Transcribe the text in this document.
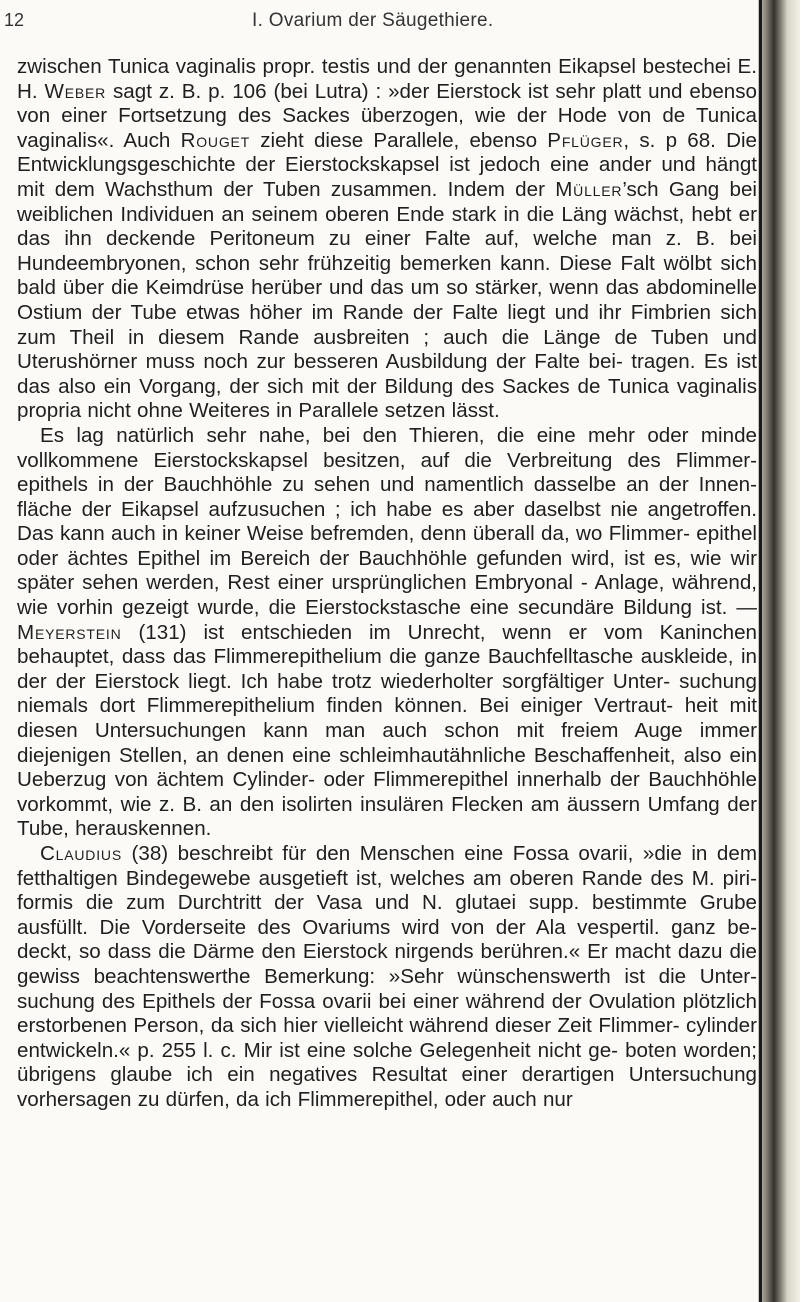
12	I. Ovarium der Säugethiere.

zwischen Tunica vaginalis propr. testis und der genannten Eikapsel bestechei E. H. Weber sagt z. B. p. 106 (bei Lutra) : »der Eierstock ist sehr platt und ebenso von einer Fortsetzung des Sackes überzogen, wie der Hode von de Tunica vaginalis«. Auch Rouget zieht diese Parallele, ebenso Pflüger, s. p 68. Die Entwicklungsgeschichte der Eierstockskapsel ist jedoch eine ander und hängt mit dem Wachsthum der Tuben zusammen. Indem der Müller’sch Gang bei weiblichen Individuen an seinem oberen Ende stark in die Läng wächst, hebt er das ihn deckende Peritoneum zu einer Falte auf, welche man z. B. bei Hundeembryonen, schon sehr frühzeitig bemerken kann. Diese Falt wölbt sich bald über die Keimdrüse herüber und das um so stärker, wenn das abdominelle Ostium der Tube etwas höher im Rande der Falte liegt und ihr Fimbrien sich zum Theil in diesem Rande ausbreiten ; auch die Länge de Tuben und Uterushörner muss noch zur besseren Ausbildung der Falte bei- tragen. Es ist das also ein Vorgang, der sich mit der Bildung des Sackes de Tunica vaginalis propria nicht ohne Weiteres in Parallele setzen lässt.

Es lag natürlich sehr nahe, bei den Thieren, die eine mehr oder minde vollkommene Eierstockskapsel besitzen, auf die Verbreitung des Flimmer- epithels in der Bauchhöhle zu sehen und namentlich dasselbe an der Innen- fläche der Eikapsel aufzusuchen ; ich habe es aber daselbst nie angetroffen. Das kann auch in keiner Weise befremden, denn überall da, wo Flimmer- epithel oder ächtes Epithel im Bereich der Bauchhöhle gefunden wird, ist es, wie wir später sehen werden, Rest einer ursprünglichen Embryonal - Anlage, während, wie vorhin gezeigt wurde, die Eierstockstasche eine secundäre Bildung ist. — Meyerstein (131) ist entschieden im Unrecht, wenn er vom Kaninchen behauptet, dass das Flimmerepithelium die ganze Bauchfelltasche auskleide, in der der Eierstock liegt. Ich habe trotz wiederholter sorgfältiger Unter- suchung niemals dort Flimmerepithelium finden können. Bei einiger Vertraut- heit mit diesen Untersuchungen kann man auch schon mit freiem Auge immer diejenigen Stellen, an denen eine schleimhautähnliche Beschaffenheit, also ein Ueberzug von ächtem Cylinder- oder Flimmerepithel innerhalb der Bauchhöhle vorkommt, wie z. B. an den isolirten insulären Flecken am äussern Umfang der Tube, herauskennen.

Claudius (38) beschreibt für den Menschen eine Fossa ovarii, »die in dem fetthaltigen Bindegewebe ausgetieft ist, welches am oberen Rande des M. piri- formis die zum Durchtritt der Vasa und N. glutaei supp. bestimmte Grube ausfüllt. Die Vorderseite des Ovariums wird von der Ala vespertil. ganz be- deckt, so dass die Därme den Eierstock nirgends berühren.« Er macht dazu die gewiss beachtenswerthe Bemerkung: »Sehr wünschenswerth ist die Unter- suchung des Epithels der Fossa ovarii bei einer während der Ovulation plötzlich erstorbenen Person, da sich hier vielleicht während dieser Zeit Flimmer- cylinder entwickeln.« p. 255 l. c. Mir ist eine solche Gelegenheit nicht ge- boten worden; übrigens glaube ich ein negatives Resultat einer derartigen Untersuchung vorhersagen zu dürfen, da ich Flimmerepithel, oder auch nur
